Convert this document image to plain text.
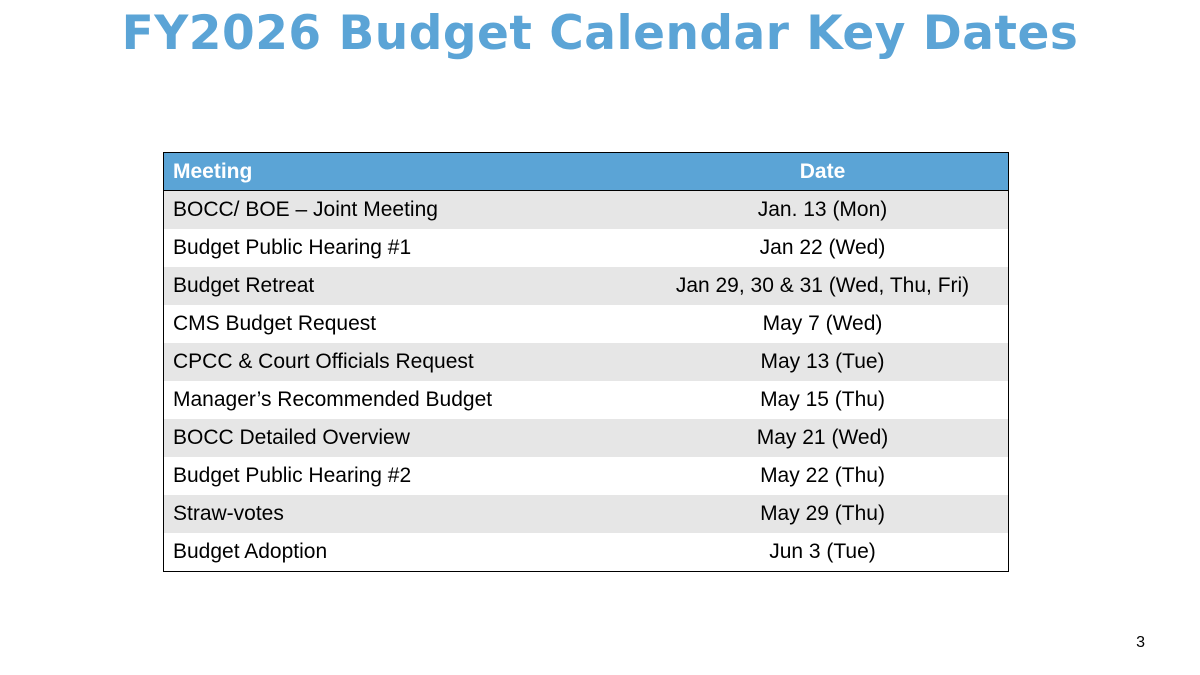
FY2026 Budget Calendar Key Dates
Meeting	Date
BOCC/ BOE – Joint Meeting	Jan. 13 (Mon)
Budget Public Hearing #1	Jan 22 (Wed)
Budget Retreat	Jan 29, 30 & 31 (Wed, Thu, Fri)
CMS Budget Request	May 7 (Wed)
CPCC & Court Officials Request	May 13 (Tue)
Manager’s Recommended Budget	May 15 (Thu)
BOCC Detailed Overview	May 21 (Wed)
Budget Public Hearing #2	May 22 (Thu)
Straw-votes	May 29 (Thu)
Budget Adoption	Jun 3 (Tue)
3
